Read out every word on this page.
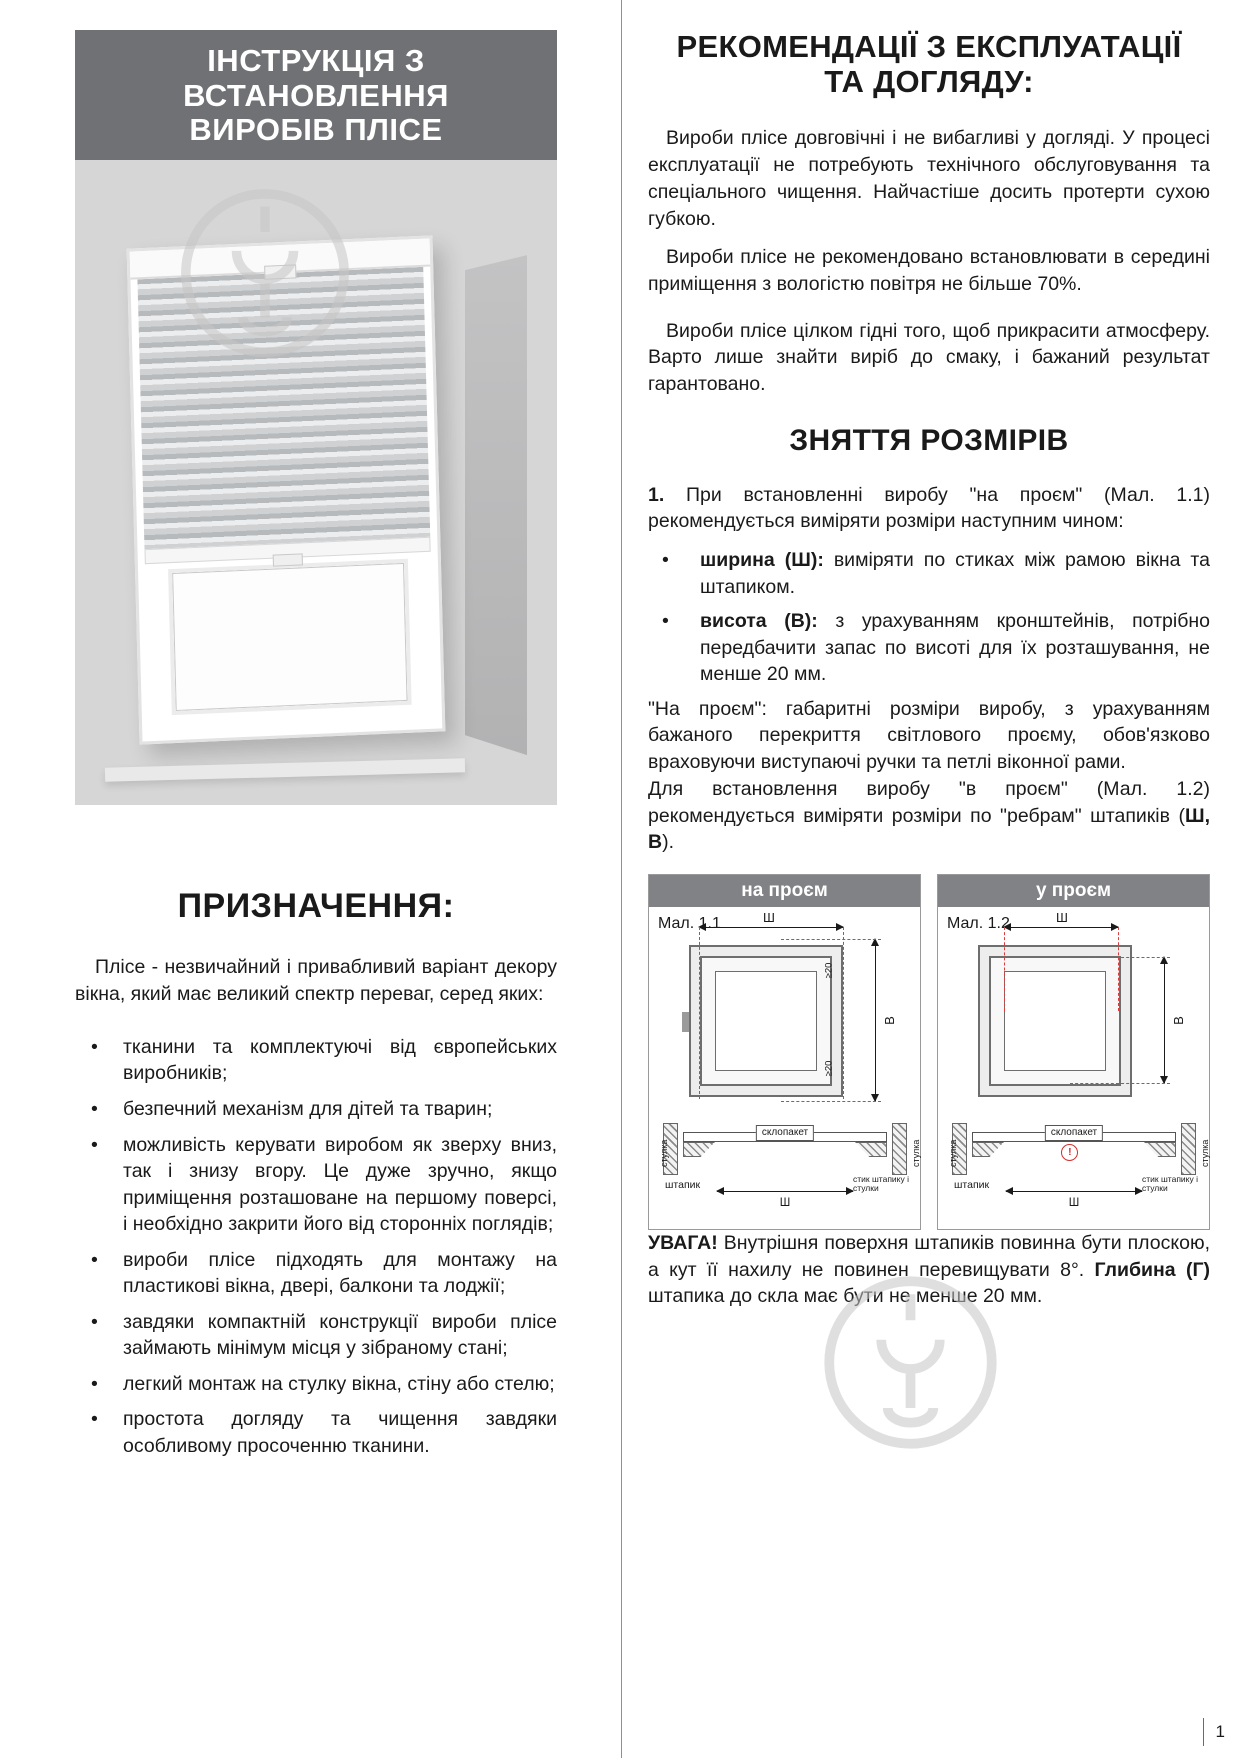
ІНСТРУКЦІЯ З ВСТАНОВЛЕННЯ
ВИРОБІВ ПЛІСЕ
ПРИЗНАЧЕННЯ:

Плісе - незвичайний і привабливий варіант декору вікна, який має великий спектр переваг, серед яких:

• тканини та комплектуючі від європейських виробників;
• безпечний механізм для дітей та тварин;
• можливість керувати виробом як зверху вниз, так і знизу вгору. Це дуже зручно, якщо приміщення розташоване на першому поверсі, і необхідно закрити його від сторонніх поглядів;
• вироби плісе підходять для монтажу на пластикові вікна, двері, балкони та лоджії;
• завдяки компактній конструкції вироби плісе займають мінімум місця у зібраному стані;
• легкий монтаж на стулку вікна, стіну або стелю;
• простота догляду та чищення завдяки особливому просоченню тканини.
РЕКОМЕНДАЦІЇ З ЕКСПЛУАТАЦІЇ
ТА ДОГЛЯДУ:

Вироби плісе довговічні і не вибагливі у догляді. У процесі експлуатації не потребують технічного обслуговування та спеціального чищення. Найчастіше досить протерти сухою губкою.

Вироби плісе не рекомендовано встановлювати в середині приміщення з вологістю повітря не більше 70%.

Вироби плісе цілком гідні того, щоб прикрасити атмосферу. Варто лише знайти виріб до смаку, і бажаний результат гарантовано.

ЗНЯТТЯ РОЗМІРІВ

1. При встановленні виробу "на проєм" (Мал. 1.1) рекомендується виміряти розміри наступним чином:

• ширина (Ш): виміряти по стиках між рамою вікна та штапиком.
• висота (В): з урахуванням кронштейнів, потрібно передбачити запас по висоті для їх розташування, не менше 20 мм.

"На проєм": габаритні розміри виробу, з урахуванням бажаного перекриття світлового проєму, обов'язково враховуючи виступаючі ручки та петлі віконної рами.

Для встановлення виробу "в проєм" (Мал. 1.2) рекомендується виміряти розміри по "ребрам" штапиків (Ш, В).

на проєм
Мал. 1.1	Ш
В
≥20
≥20
склопакет
стулка	стулка
штапик
Ш
стик штапику і стулки
у проєм
Мал. 1.2	Ш
В
!
склопакет
стулка	стулка
штапик
Ш
стик штапику і стулки

УВАГА! Внутрішня поверхня штапиків повинна бути плоскою, а кут її нахилу не повинен перевищувати 8°. Глибина (Г) штапика до скла має бути не менше 20 мм.

1
